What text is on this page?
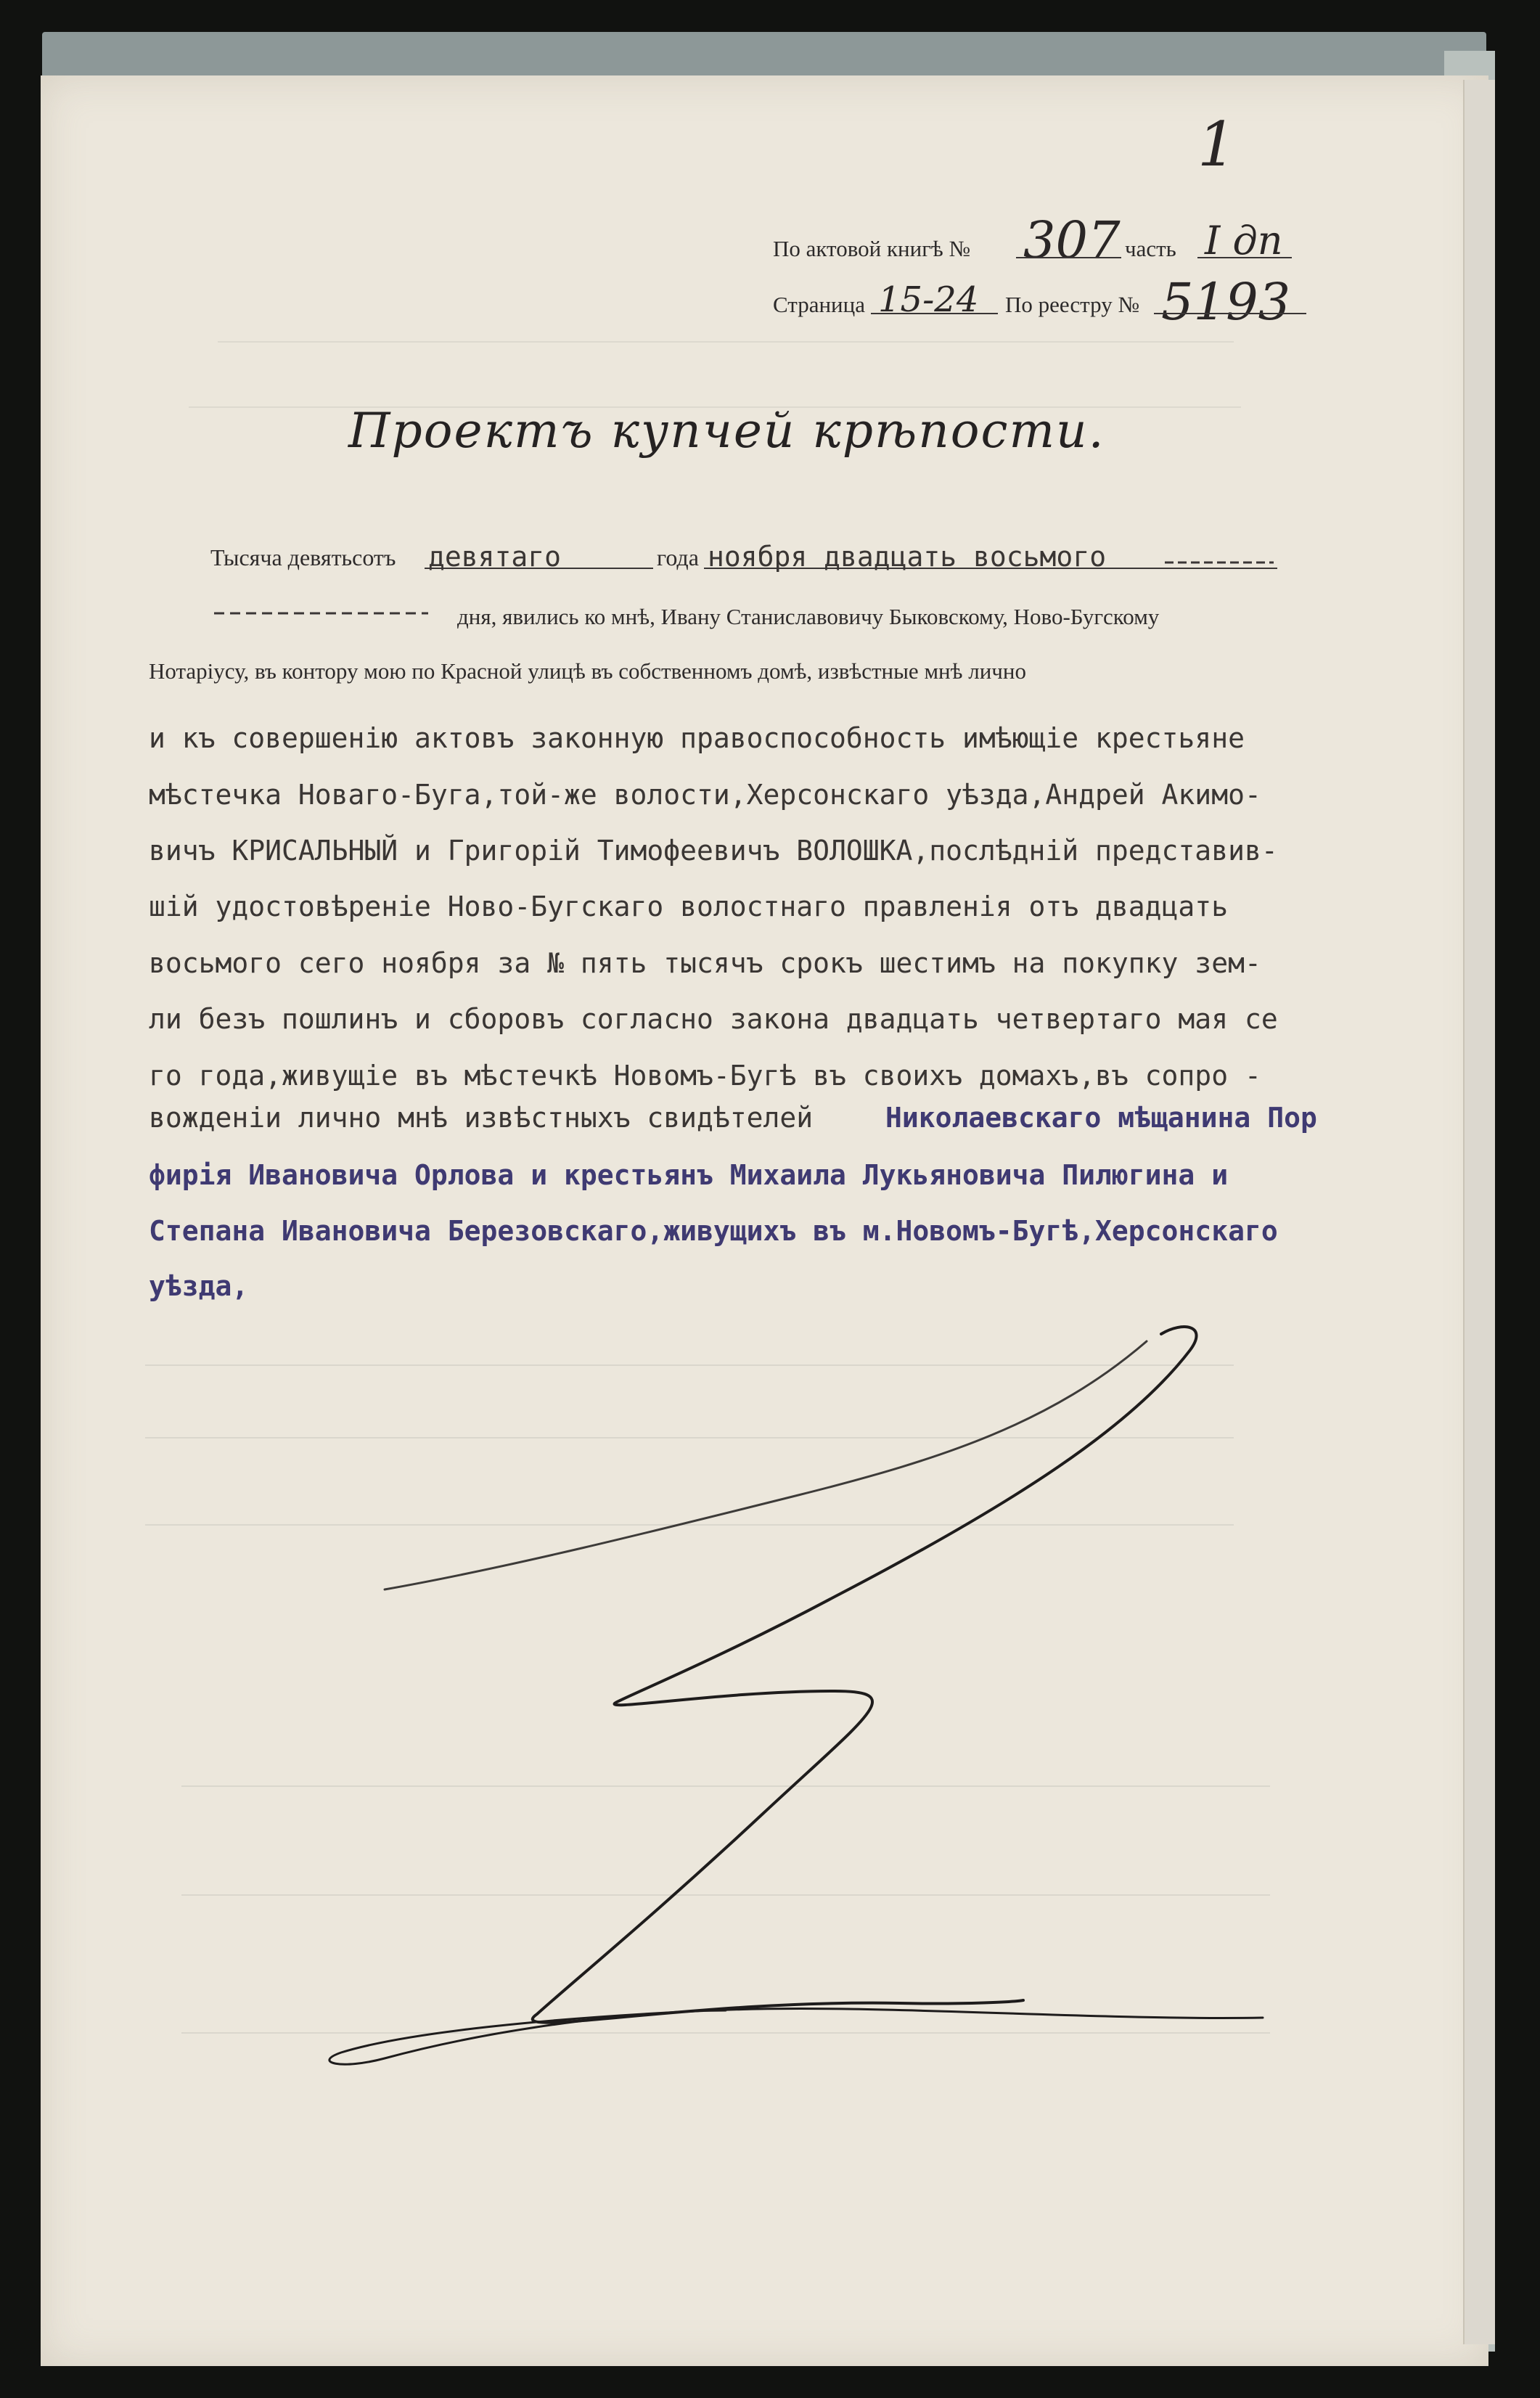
1
По актовой книгѣ № 307 часть I дп
Страница 15-24 По реестру № 5193
Проектъ купчей крѣпости.
Тысяча девятьсотъ девятаго	года ноября двадцать восьмого
дня, явились ко мнѣ, Ивану Станиславовичу Быковскому, Ново-Бугскому
Нотаріусу, въ контору мою по Красной улицѣ въ собственномъ домѣ, извѣстные мнѣ лично
и къ совершенію актовъ законную правоспособность имѣющіе крестьяне
мѣстечка Новаго-Буга,той-же волости,Херсонскаго уѣзда,Андрей Акимо-
вичъ КРИСАЛЬНЫЙ и Григорій Тимофеевичъ ВОЛОШКА,послѣдній представив-
шій удостовѣреніе Ново-Бугскаго волостнаго правленія отъ двадцать
восьмого сего ноября за № пять тысячъ срокъ шестимъ на покупку зем-
ли безъ пошлинъ и сборовъ согласно закона двадцать четвертаго мая се
го года,живущіе въ мѣстечкѣ Новомъ-Бугѣ въ своихъ домахъ,въ сопро -
вожденіи лично мнѣ извѣстныхъ свидѣтелей	Николаевскаго мѣщанина Пор
фирія Ивановича Орлова и крестьянъ Михаила Лукьяновича Пилюгина и
Степана Ивановича Березовскаго,живущихъ въ м.Новомъ-Бугѣ,Херсонскаго
уѣзда,
